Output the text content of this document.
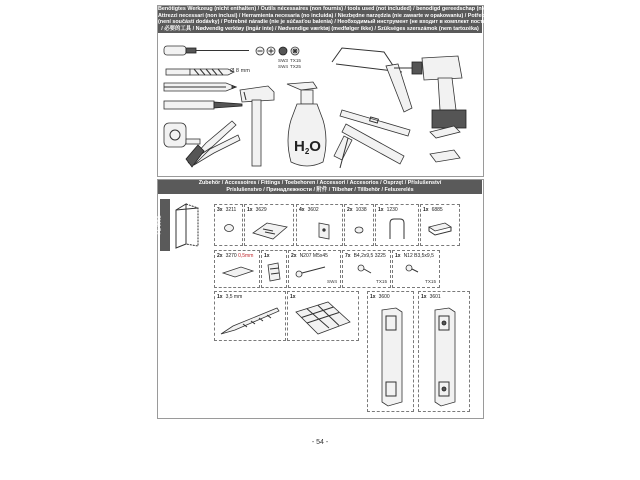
Benötigtes Werkzeug (nicht enthalten) / Outils nécessaires (non fournis) / tools used (not included) / benodigd gereedschap (niet ingesloten)
Attrezzi necessari (non inclusi) / Herramienta necesaria (no incluida) / Niezbędne narzędzia (nie zawarte w opakowaniu) / Potřebné nářadí
(není součástí dodávky) / Potrebné náradie (nie je súčasťou balenia) / Необходимый инструмент (не входит в комплект поставки)
/ 必要的工具 / Nødvendig verktøy (ingår inte) / Nødvendige værktøj (medfølger ikke) / Szükséges szerszámok (nem tartozéka)
SW3 TX15
SW4 TX25
Ø 8 mm
$H_2O$
Zubehör / Accessoires / Fittings / Toebehoren / Accessori / Accesorios / Osprzęt / Příslušenství
Príslušenstvo / Принадлежности / 附件 / Tilbehør / Tillbehör / Felszerelés
FE 9061
3x 3211 1x 3629	4x 3602	2x 1038 1x 1230	1x 6885
2x 3270 0,5mm 1x	2x N207 M5x45
SW4
7x B4,2x9,5 3225
TX15
1x N12 B3,5x9,5
TX15
1x 3,5 mm	1x	1x 3600	1x 3601
- 54 -
